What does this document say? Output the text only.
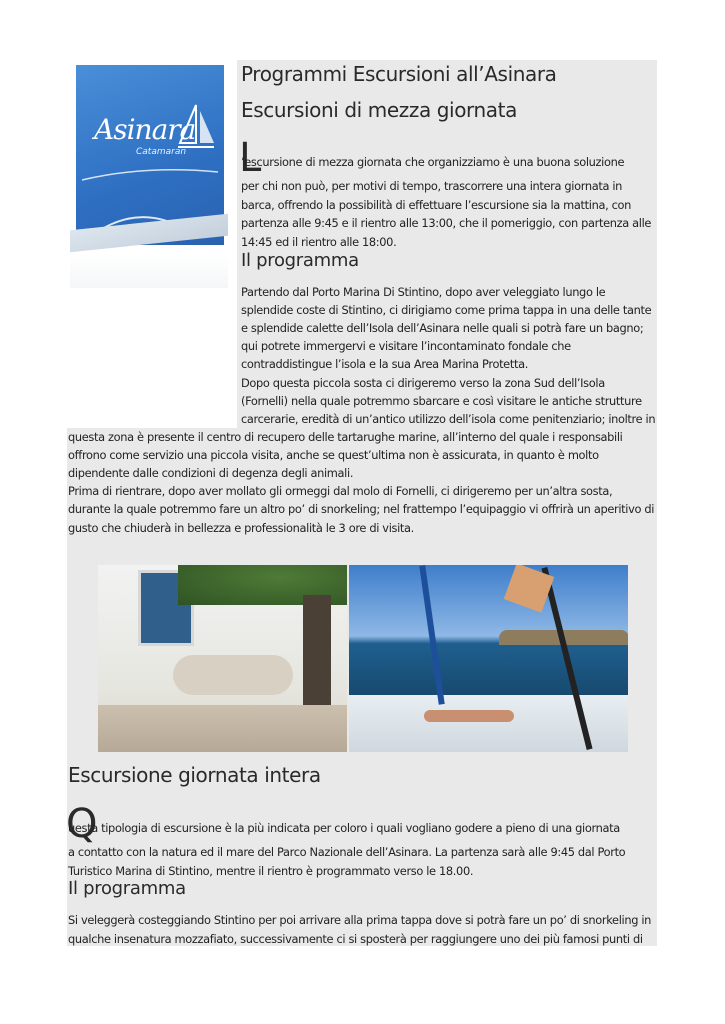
Asinara
Catamaran
Programmi Escursioni all’Asinara
Escursioni di mezza giornata
L
’escursione di mezza giornata che organizziamo è una buona soluzione
per chi non può, per motivi di tempo, trascorrere una intera giornata in
barca, offrendo la possibilità di effettuare l’escursione sia la mattina, con
partenza alle 9:45 e il rientro alle 13:00, che il pomeriggio, con partenza alle
14:45 ed il rientro alle 18:00.
Il programma
Partendo dal Porto Marina Di Stintino, dopo aver veleggiato lungo le
splendide coste di Stintino, ci dirigiamo come prima tappa in una delle tante
e splendide calette dell’Isola dell’Asinara nelle quali si potrà fare un bagno;
qui potrete immergervi e visitare l’incontaminato fondale che
contraddistingue l’isola e la sua Area Marina Protetta.
Dopo questa piccola sosta ci dirigeremo verso la zona Sud dell’Isola
(Fornelli) nella quale potremmo sbarcare e così visitare le antiche strutture
carcerarie, eredità di un’antico utilizzo dell’isola come penitenziario; inoltre in
questa zona è presente il centro di recupero delle tartarughe marine, all’interno del quale i responsabili
offrono come servizio una piccola visita, anche se quest’ultima non è assicurata, in quanto è molto
dipendente dalle condizioni di degenza degli animali.
Prima di rientrare, dopo aver mollato gli ormeggi dal molo di Fornelli, ci dirigeremo per un’altra sosta,
durante la quale potremmo fare un altro po’ di snorkeling; nel frattempo l’equipaggio vi offrirà un aperitivo di
gusto che chiuderà in bellezza e professionalità le 3 ore di visita.
Escursione giornata intera
Q
uesta tipologia di escursione è la più indicata per coloro i quali vogliano godere a pieno di una giornata
a contatto con la natura ed il mare del Parco Nazionale dell’Asinara. La partenza sarà alle 9:45 dal Porto
Turistico Marina di Stintino, mentre il rientro è programmato verso le 18.00.
Il programma
Si veleggerà costeggiando Stintino per poi arrivare alla prima tappa dove si potrà fare un po’ di snorkeling in
qualche insenatura mozzafiato, successivamente ci si sposterà per raggiungere uno dei più famosi punti di
